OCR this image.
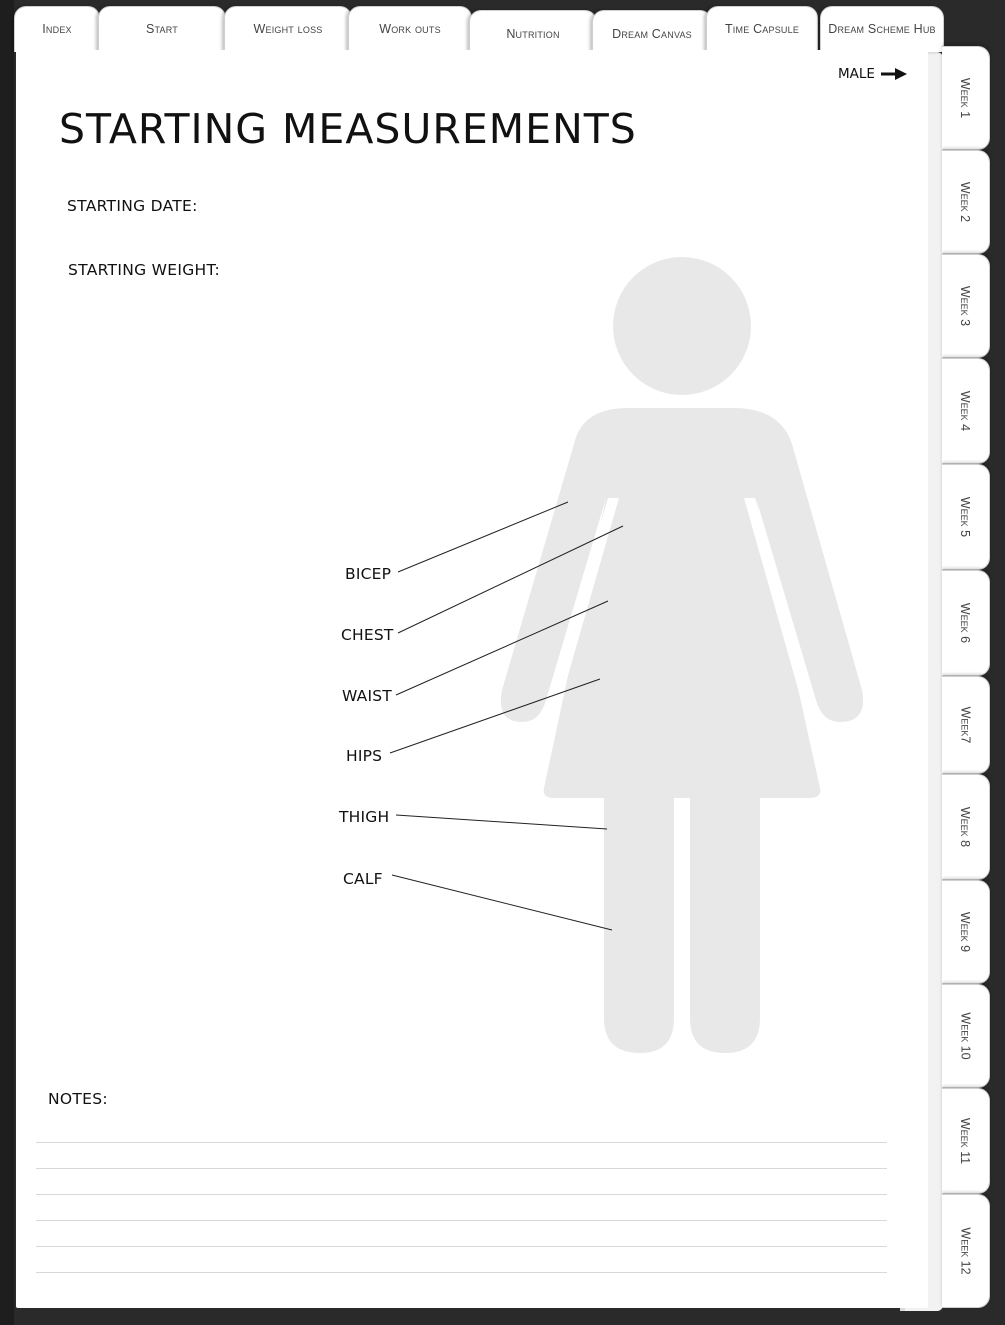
Index	Start	Weight loss	Work outs	Nutrition	Dream Canvas	Time Capsule	Dream Scheme Hub
Week 1
Week 2
Week 3
Week 4
Week 5
Week 6
Week7
Week 8
Week 9
Week 10
Week 11
Week 12
MALE
STARTING MEASUREMENTS
STARTING DATE:
STARTING WEIGHT:
BICEP
CHEST
WAIST
HIPS
THIGH
CALF
NOTES:
